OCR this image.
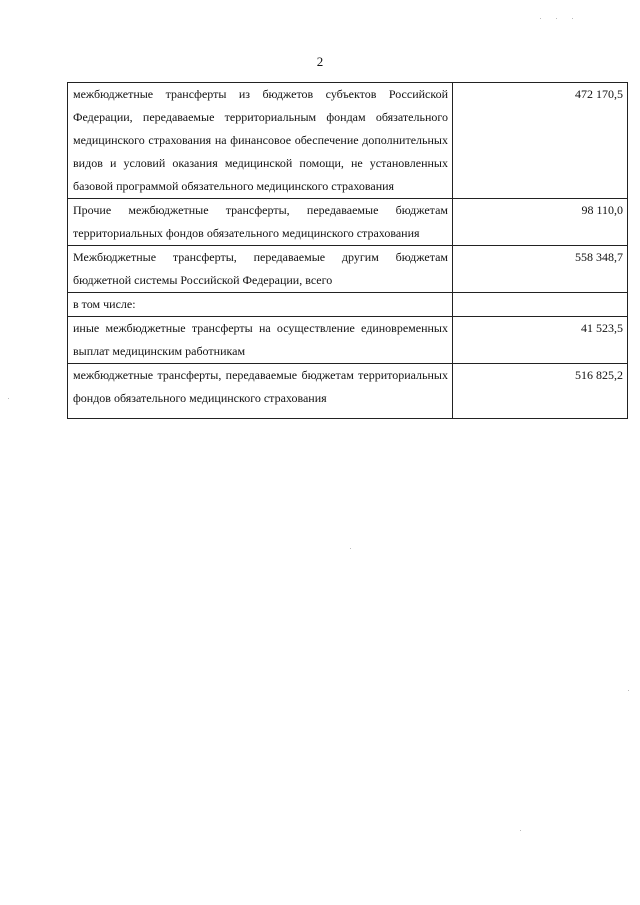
2
межбюджетные трансферты из бюджетов субъектов Российской Федерации, передаваемые территориальным фондам обязательного медицинского страхования на финансовое обеспечение дополнительных видов и условий оказания медицинской помощи, не установленных базовой программой обязательного медицинского страхования	472 170,5
Прочие межбюджетные трансферты, передаваемые бюджетам территориальных фондов обязательного медицинского страхования	98 110,0
Межбюджетные трансферты, передаваемые другим бюджетам бюджетной системы Российской Федерации, всего	558 348,7
в том числе:	
иные межбюджетные трансферты на осуществление единовременных выплат медицинским работникам	41 523,5
межбюджетные трансферты, передаваемые бюджетам территориальных фондов обязательного медицинского страхования	516 825,2
